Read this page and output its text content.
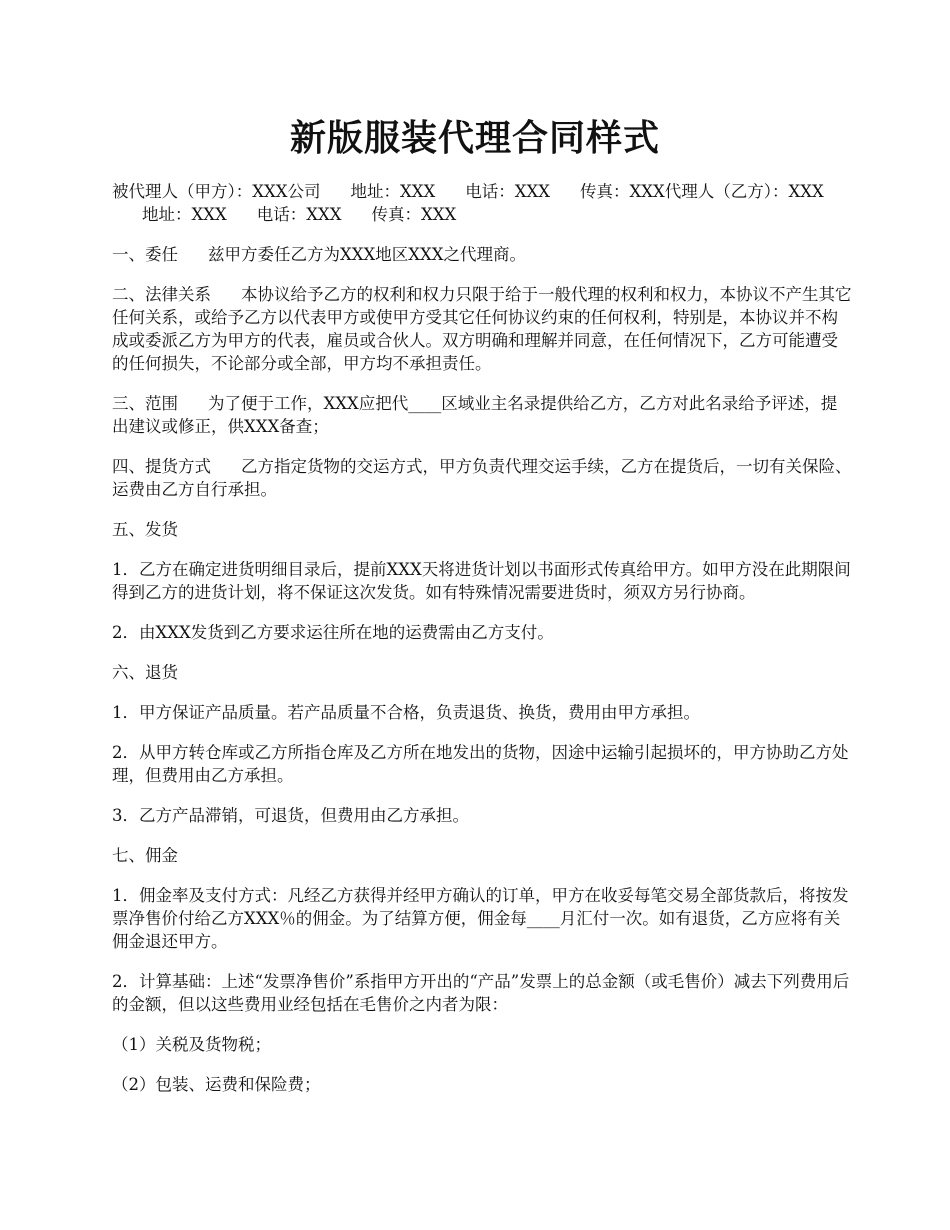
新版服装代理合同样式

被代理人（甲方）：XXX公司 地址：XXX 电话：XXX 传真：XXX代理人（乙方）：XXX地址：XXX 电话：XXX 传真：XXX

一、委任 兹甲方委任乙方为XXX地区XXX之代理商。

二、法律关系 本协议给予乙方的权利和权力只限于给于一般代理的权利和权力，本协议不产生其它任何关系，或给予乙方以代表甲方或使甲方受其它任何协议约束的任何权利，特别是，本协议并不构成或委派乙方为甲方的代表，雇员或合伙人。双方明确和理解并同意，在任何情况下，乙方可能遭受的任何损失，不论部分或全部，甲方均不承担责任。

三、范围 为了便于工作，XXX应把代____区域业主名录提供给乙方，乙方对此名录给予评述，提出建议或修正，供XXX备查；

四、提货方式 乙方指定货物的交运方式，甲方负责代理交运手续，乙方在提货后，一切有关保险、运费由乙方自行承担。

五、发货

1．乙方在确定进货明细目录后，提前XXX天将进货计划以书面形式传真给甲方。如甲方没在此期限间得到乙方的进货计划，将不保证这次发货。如有特殊情况需要进货时，须双方另行协商。

2．由XXX发货到乙方要求运往所在地的运费需由乙方支付。

六、退货

1．甲方保证产品质量。若产品质量不合格，负责退货、换货，费用由甲方承担。

2．从甲方转仓库或乙方所指仓库及乙方所在地发出的货物，因途中运输引起损坏的，甲方协助乙方处理，但费用由乙方承担。

3．乙方产品滞销，可退货，但费用由乙方承担。

七、佣金

1．佣金率及支付方式：凡经乙方获得并经甲方确认的订单，甲方在收妥每笔交易全部货款后，将按发票净售价付给乙方XXX％的佣金。为了结算方便，佣金每____月汇付一次。如有退货，乙方应将有关佣金退还甲方。

2．计算基础：上述“发票净售价”系指甲方开出的“产品”发票上的总金额（或毛售价）减去下列费用后的金额，但以这些费用业经包括在毛售价之内者为限：

（1）关税及货物税；

（2）包装、运费和保险费；
